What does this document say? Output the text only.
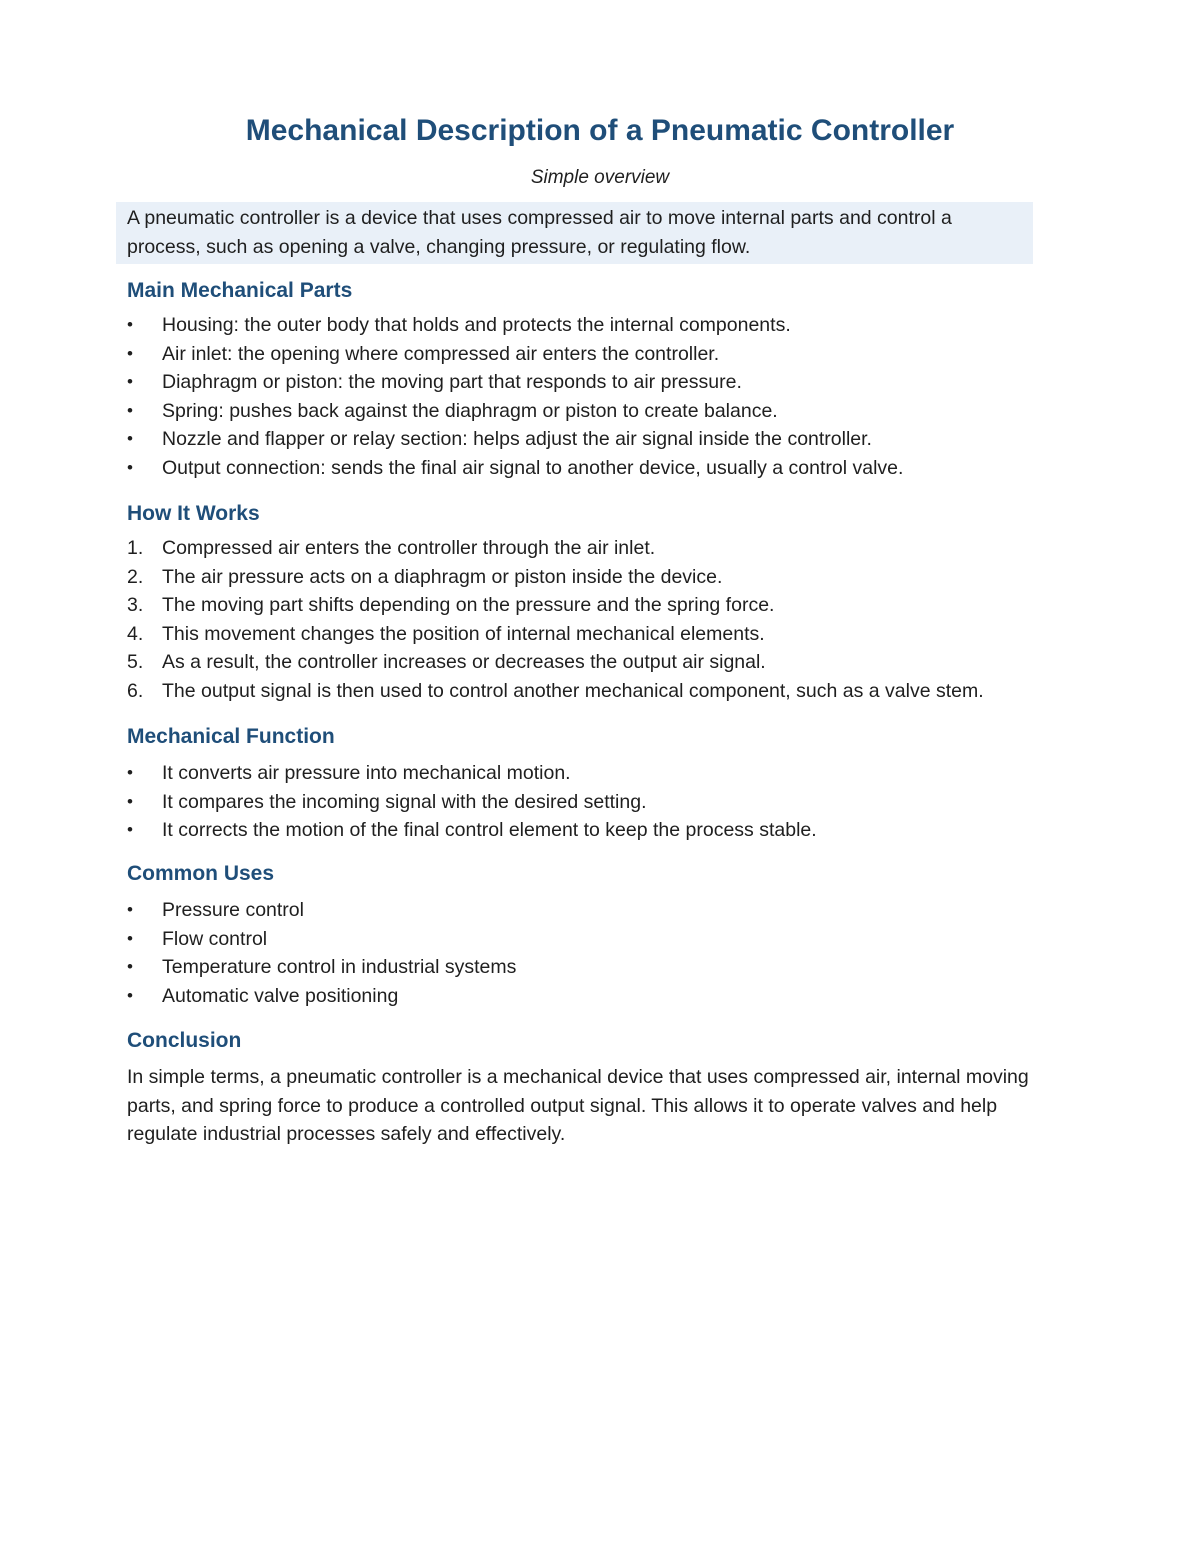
Mechanical Description of a Pneumatic Controller

Simple overview

A pneumatic controller is a device that uses compressed air to move internal parts and control a process, such as opening a valve, changing pressure, or regulating flow.

Main Mechanical Parts
• Housing: the outer body that holds and protects the internal components.
• Air inlet: the opening where compressed air enters the controller.
• Diaphragm or piston: the moving part that responds to air pressure.
• Spring: pushes back against the diaphragm or piston to create balance.
• Nozzle and flapper or relay section: helps adjust the air signal inside the controller.
• Output connection: sends the final air signal to another device, usually a control valve.
How It Works
1. Compressed air enters the controller through the air inlet.
2. The air pressure acts on a diaphragm or piston inside the device.
3. The moving part shifts depending on the pressure and the spring force.
4. This movement changes the position of internal mechanical elements.
5. As a result, the controller increases or decreases the output air signal.
6. The output signal is then used to control another mechanical component, such as a valve stem.
Mechanical Function
• It converts air pressure into mechanical motion.
• It compares the incoming signal with the desired setting.
• It corrects the motion of the final control element to keep the process stable.
Common Uses
• Pressure control
• Flow control
• Temperature control in industrial systems
• Automatic valve positioning
Conclusion

In simple terms, a pneumatic controller is a mechanical device that uses compressed air, internal moving parts, and spring force to produce a controlled output signal. This allows it to operate valves and help regulate industrial processes safely and effectively.
